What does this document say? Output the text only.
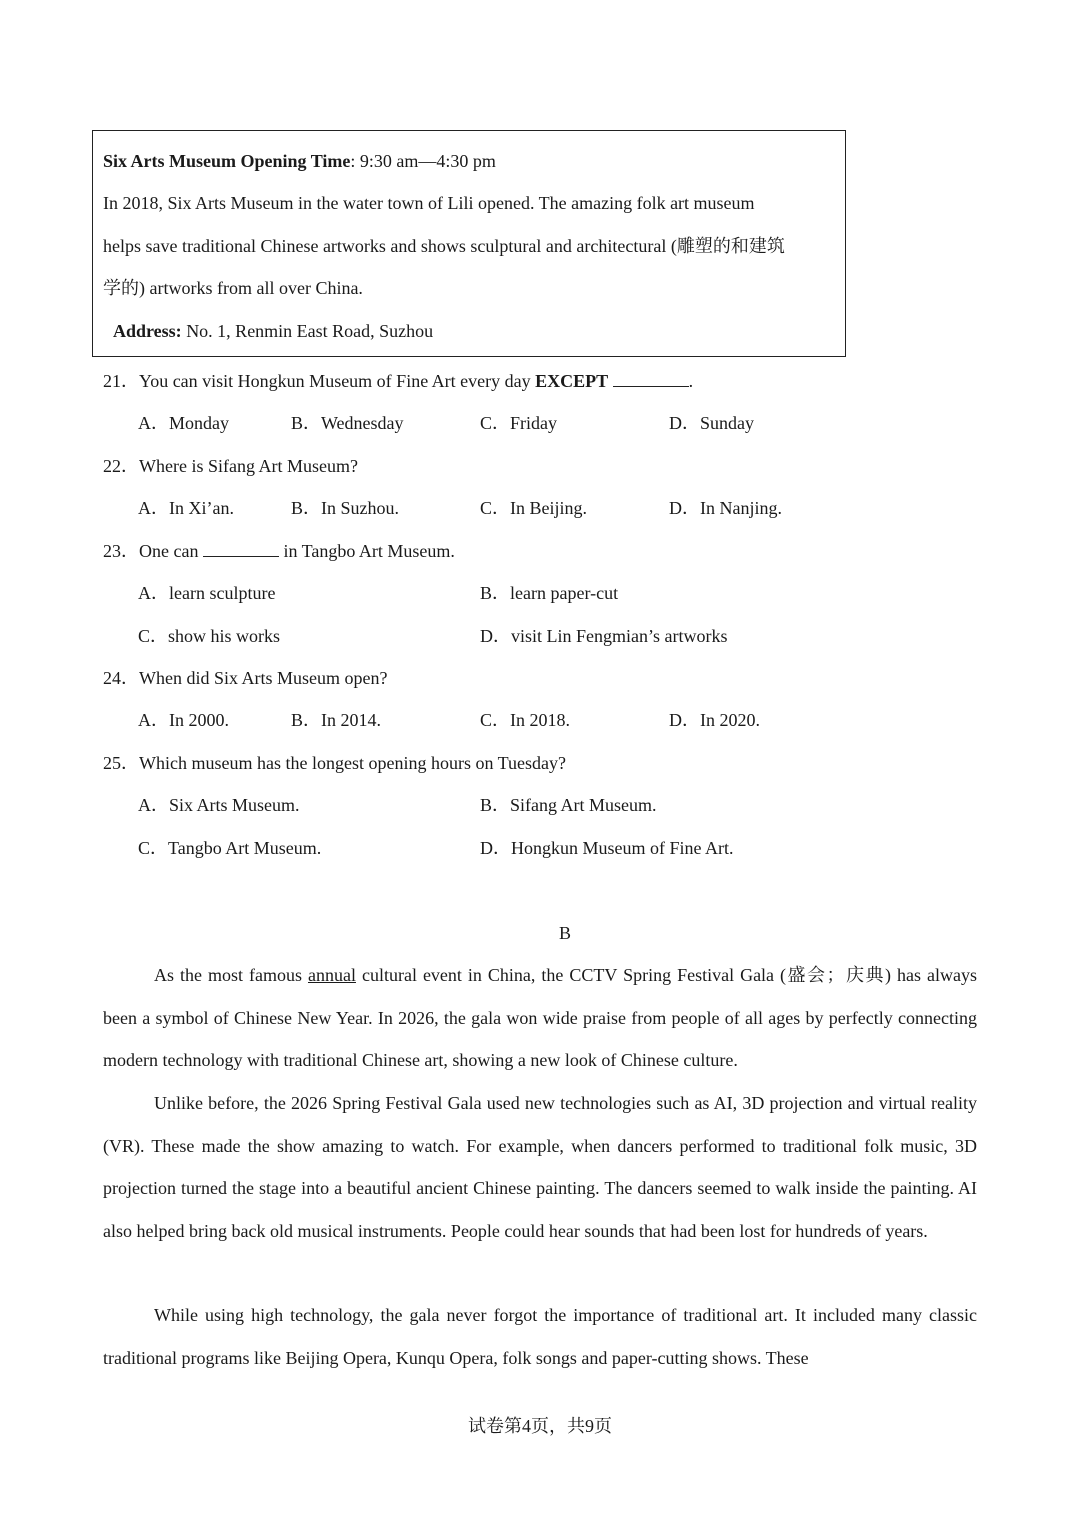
Six Arts Museum Opening Time: 9:30 am—4:30 pm
In 2018, Six Arts Museum in the water town of Lili opened. The amazing folk art museum
helps save traditional Chinese artworks and shows sculptural and architectural (雕塑的和建筑
学的) artworks from all over China.
Address: No. 1, Renmin East Road, Suzhou
21．You can visit Hongkun Museum of Fine Art every day EXCEPT	.
A．Monday	B．Wednesday	C．Friday	D．Sunday
22．Where is Sifang Art Museum?
A．In Xi’an.	B．In Suzhou.	C．In Beijing.	D．In Nanjing.
23．One can	in Tangbo Art Museum.
A．learn sculpture	B．learn paper-cut
C．show his works	D．visit Lin Fengmian’s artworks
24．When did Six Arts Museum open?
A．In 2000.	B．In 2014.	C．In 2018.	D．In 2020.
25．Which museum has the longest opening hours on Tuesday?
A．Six Arts Museum.	B．Sifang Art Museum.
C．Tangbo Art Museum.	D．Hongkun Museum of Fine Art.
B
As the most famous annual cultural event in China, the CCTV Spring Festival Gala (盛会；庆典) has always been a symbol of Chinese New Year. In 2026, the gala won wide praise from people of all ages by perfectly connecting modern technology with traditional Chinese art, showing a new look of Chinese culture.
Unlike before, the 2026 Spring Festival Gala used new technologies such as AI, 3D projection and virtual reality (VR). These made the show amazing to watch. For example, when dancers performed to traditional folk music, 3D projection turned the stage into a beautiful ancient Chinese painting. The dancers seemed to walk inside the painting. AI also helped bring back old musical instruments. People could hear sounds that had been lost for hundreds of years.
While using high technology, the gala never forgot the importance of traditional art. It included many classic traditional programs like Beijing Opera, Kunqu Opera, folk songs and paper-cutting shows. These
试卷第4页，共9页
